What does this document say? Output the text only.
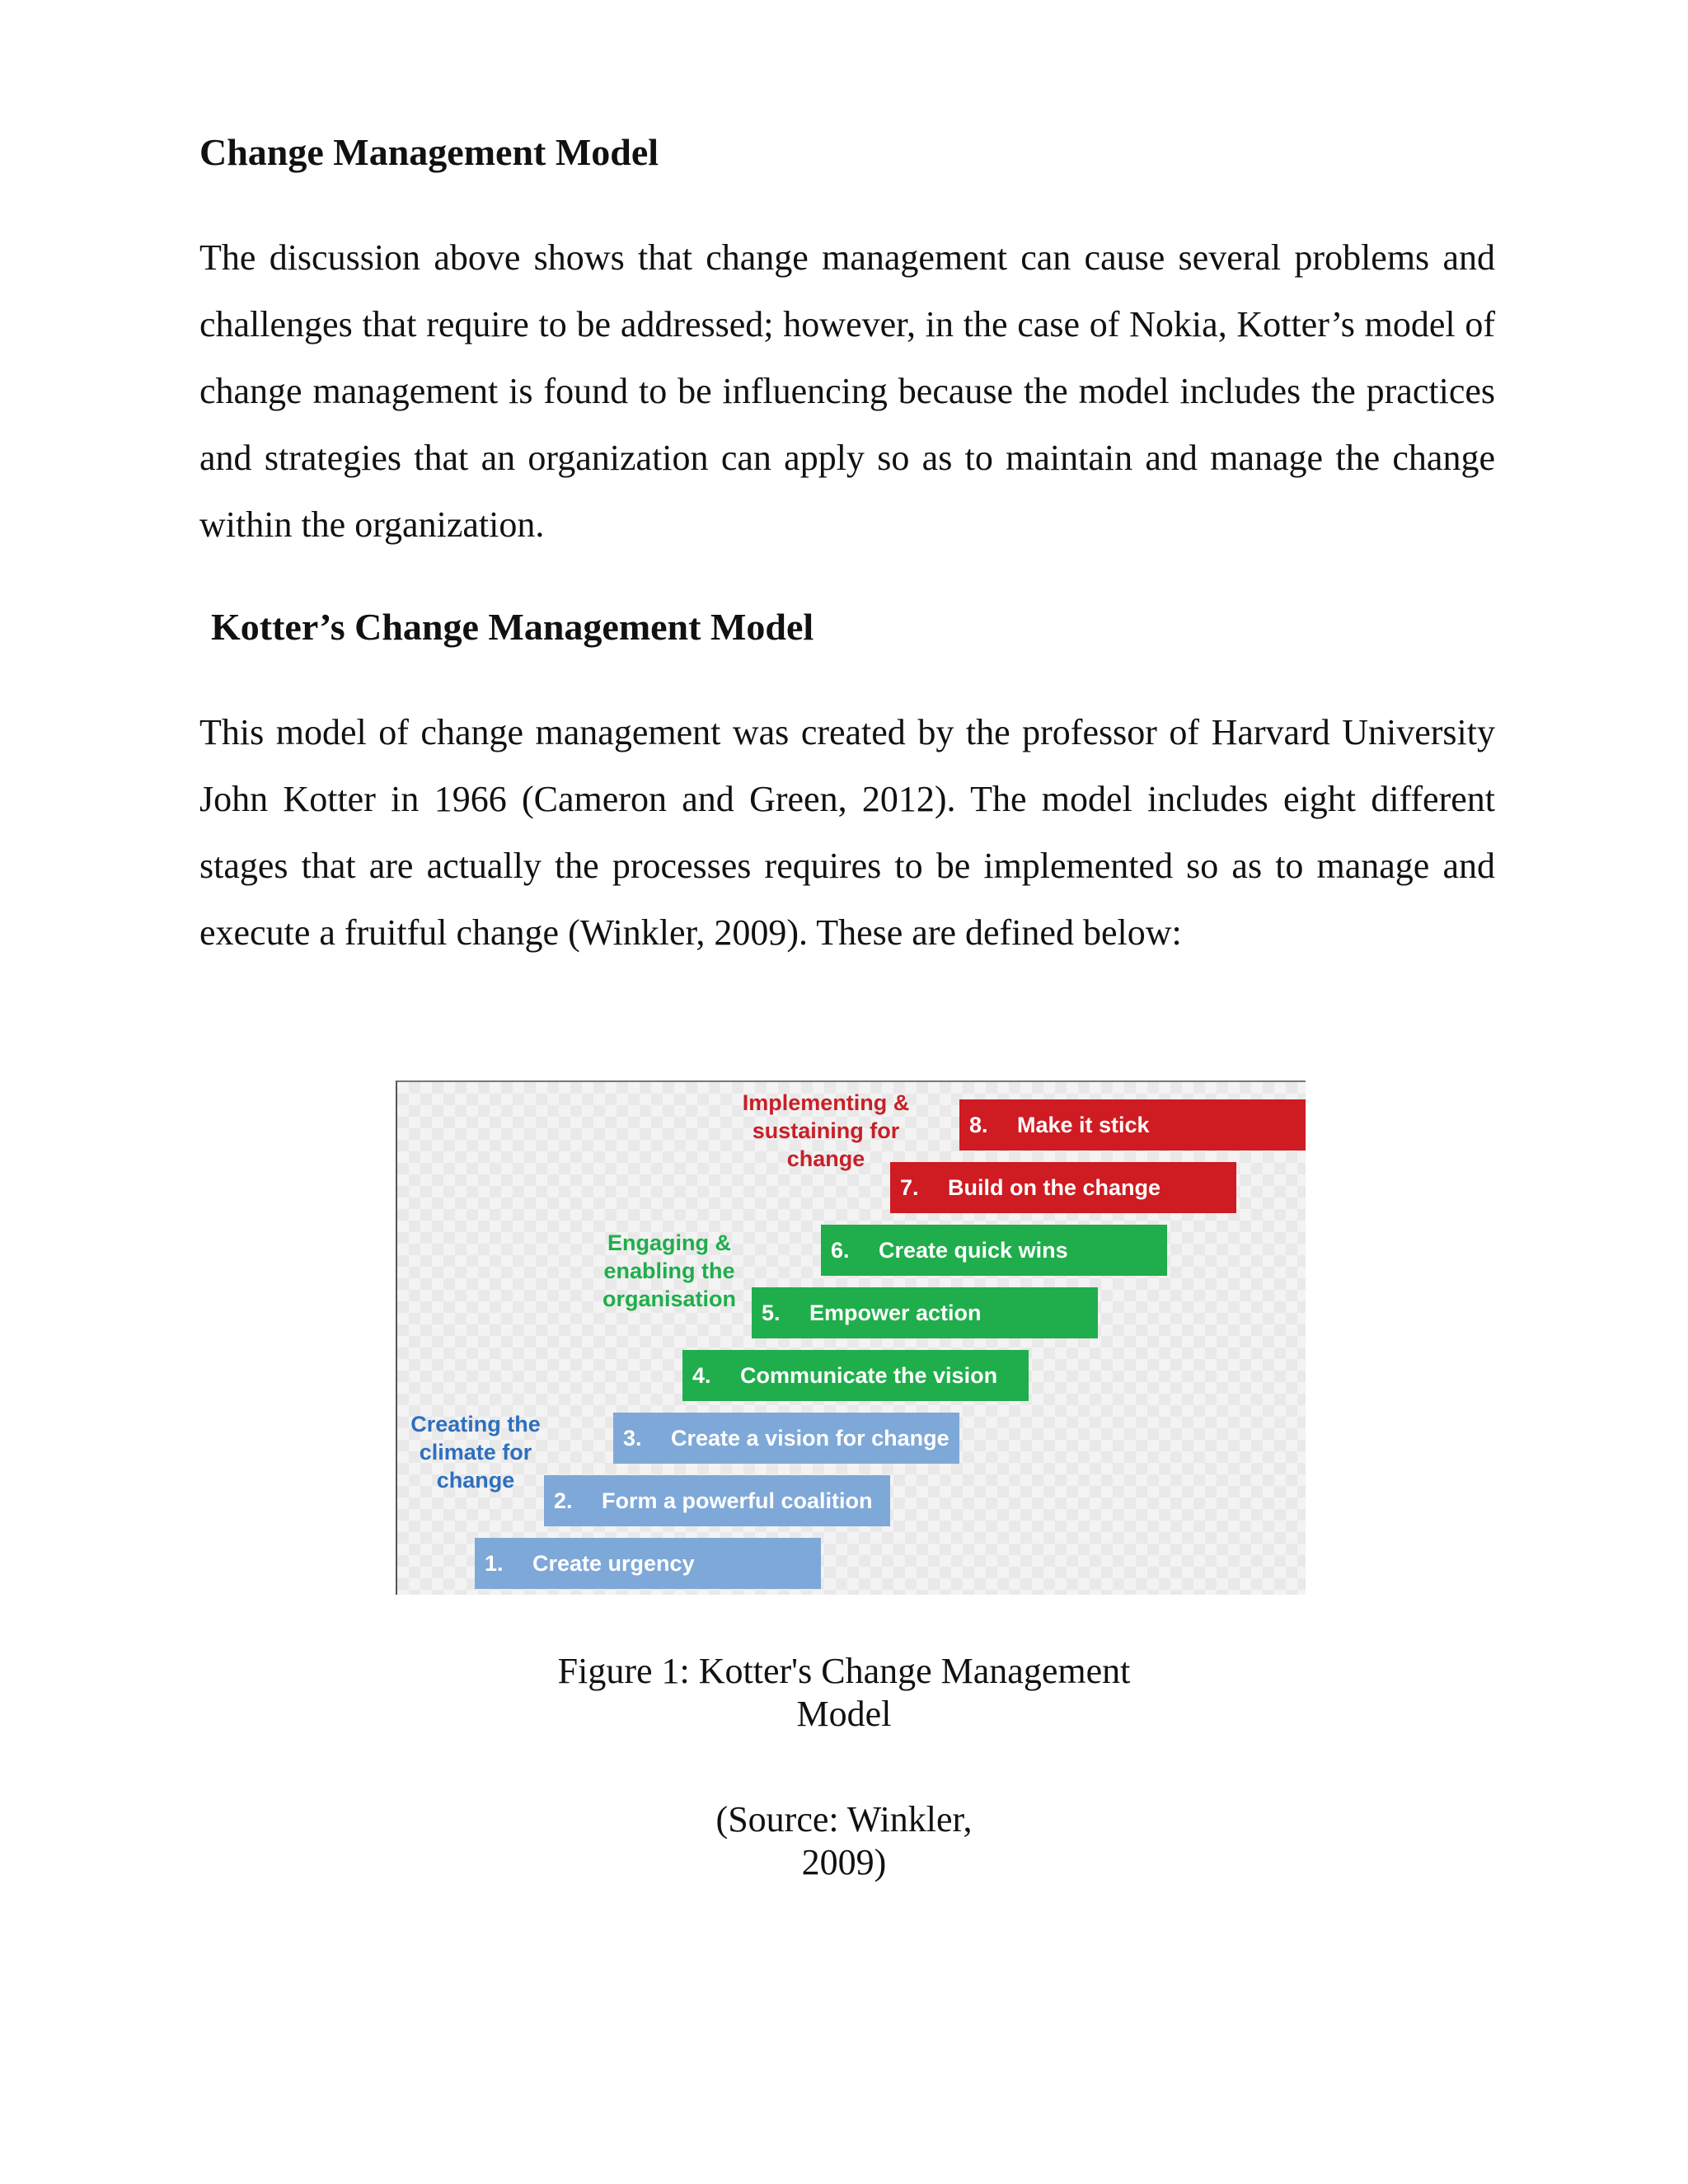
Change Management Model

The discussion above shows that change management can cause several problems and challenges that require to be addressed; however, in the case of Nokia, Kotter’s model of change management is found to be influencing because the model includes the practices and strategies that an organization can apply so as to maintain and manage the change within the organization.

Kotter’s Change Management Model

This model of change management was created by the professor of Harvard University John Kotter in 1966 (Cameron and Green, 2012). The model includes eight different stages that are actually the processes requires to be implemented so as to manage and execute a fruitful change (Winkler, 2009). These are defined below:

Implementing & sustaining for change
Engaging & enabling the organisation
Creating the climate for change
1.	Create urgency
2.	Form a powerful coalition
3.	Create a vision for change
4.	Communicate the vision
5.	Empower action
6.	Create quick wins
7.	Build on the change
8.	Make it stick

Figure 1: Kotter's Change Management
Model

(Source: Winkler,
2009)
